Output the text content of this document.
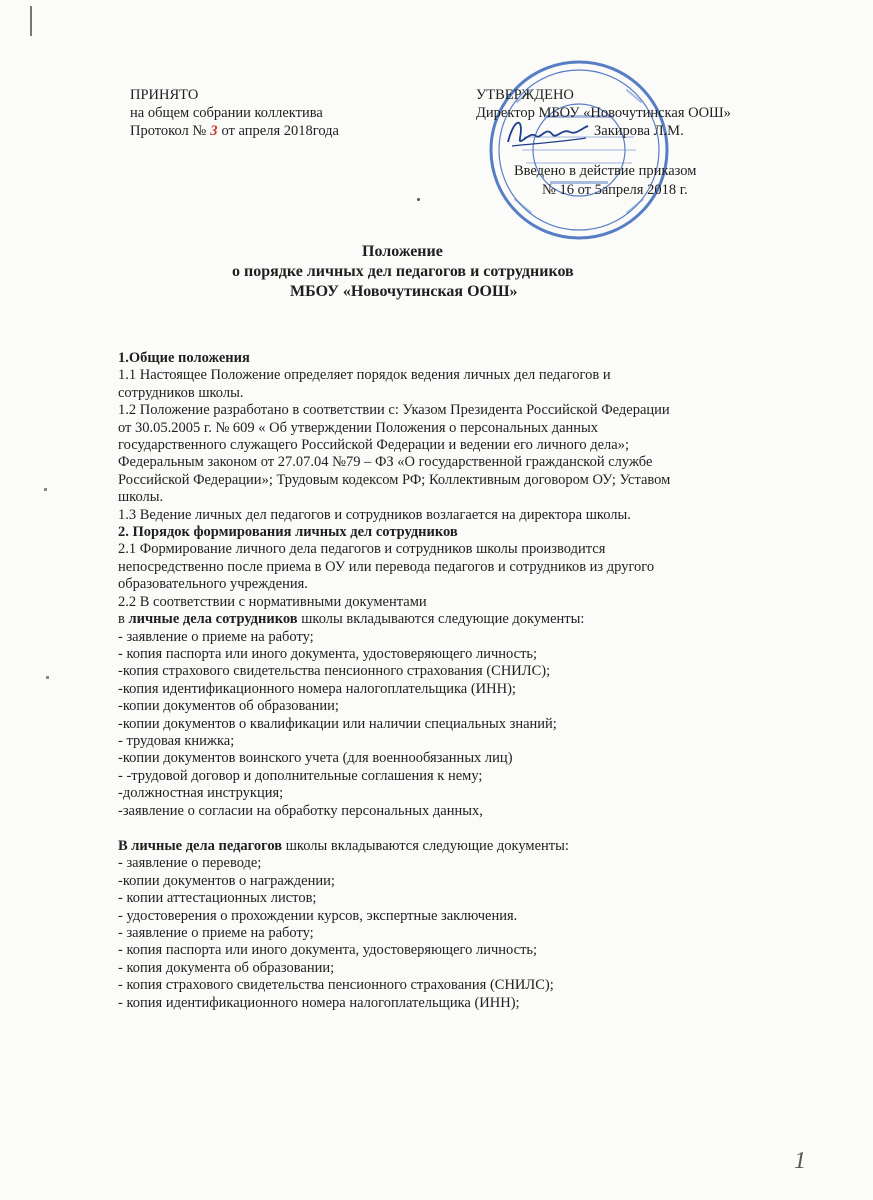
ПРИНЯТО
на общем собрании коллектива
Протокол № 3 от апреля 2018года
УТВЕРЖДЕНО
Директор МБОУ «Новочутинская ООШ»
Закирова Л.М.
Введено в действие приказом
№ 16 от 5апреля 2018 г.
Положение
о порядке личных дел педагогов и сотрудников
МБОУ «Новочутинская ООШ»

1.Общие положения

1.1 Настоящее Положение определяет порядок ведения личных дел педагогов и

сотрудников школы.

1.2 Положение разработано в соответствии с: Указом Президента Российской Федерации

от 30.05.2005 г. № 609 « Об утверждении Положения о персональных данных

государственного служащего Российской Федерации и ведении его личного дела»;

Федеральным законом от 27.07.04 №79 – ФЗ «О государственной гражданской службе

Российской Федерации»; Трудовым кодексом РФ; Коллективным договором ОУ; Уставом

школы.

1.3 Ведение личных дел педагогов и сотрудников возлагается на директора школы.

2. Порядок формирования личных дел сотрудников

2.1 Формирование личного дела педагогов и сотрудников школы производится

непосредственно после приема в ОУ или перевода педагогов и сотрудников из другого

образовательного учреждения.

2.2 В соответствии с нормативными документами

в личные дела сотрудников школы вкладываются следующие документы:

- заявление о приеме на работу;

- копия паспорта или иного документа, удостоверяющего личность;

-копия страхового свидетельства пенсионного страхования (СНИЛС);

-копия идентификационного номера налогоплательщика (ИНН);

-копии документов об образовании;

-копии документов о квалификации или наличии специальных знаний;

- трудовая книжка;

-копии документов воинского учета (для военнообязанных лиц)

- -трудовой договор и дополнительные соглашения к нему;

-должностная инструкция;

-заявление о согласии на обработку персональных данных,

В личные дела педагогов школы вкладываются следующие документы:

- заявление о переводе;

-копии документов о награждении;

- копии аттестационных листов;

- удостоверения о прохождении курсов, экспертные заключения.

- заявление о приеме на работу;

- копия паспорта или иного документа, удостоверяющего личность;

- копия документа об образовании;

- копия страхового свидетельства пенсионного страхования (СНИЛС);

- копия идентификационного номера налогоплательщика (ИНН);

1
